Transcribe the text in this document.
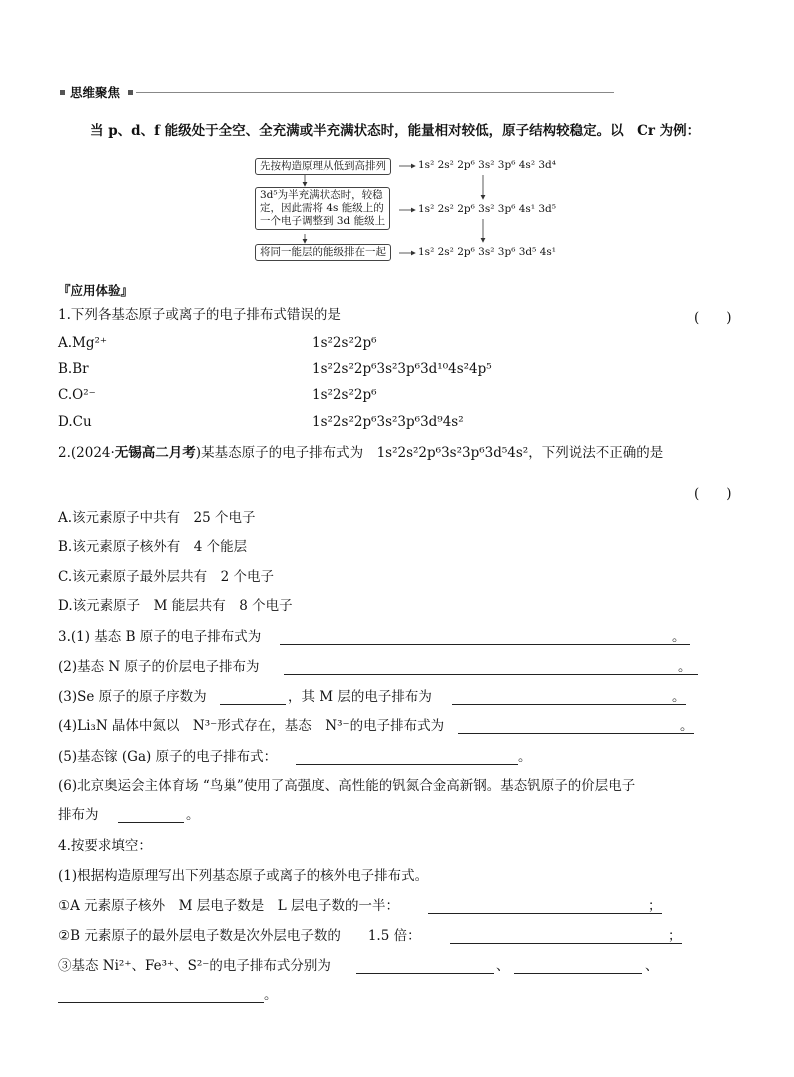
思维聚焦
当 p、d、f 能级处于全空、全充满或半充满状态时，能量相对较低，原子结构较稳定。以　Cr 为例：
先按构造原理从低到高排列
3d⁵为半充满状态时，较稳
定，因此需将 4s 能级上的
一个电子调整到 3d 能级上
将同一能层的能级排在一起
1s² 2s² 2p⁶ 3s² 3p⁶ 4s² 3d⁴
1s² 2s² 2p⁶ 3s² 3p⁶ 4s¹ 3d⁵
1s² 2s² 2p⁶ 3s² 3p⁶ 3d⁵ 4s¹
『应用体验』
1.下列各基态原子或离子的电子排布式错误的是	(　　)
A.Mg²⁺	1s²2s²2p⁶
B.Br	1s²2s²2p⁶3s²3p⁶3d¹⁰4s²4p⁵
C.O²⁻	1s²2s²2p⁶
D.Cu	1s²2s²2p⁶3s²3p⁶3d⁹4s²
2.(2024·无锡高二月考)某基态原子的电子排布式为　1s²2s²2p⁶3s²3p⁶3d⁵4s²，下列说法不正确的是
(　　)
A.该元素原子中共有　25 个电子
B.该元素原子核外有　4 个能层
C.该元素原子最外层共有　2 个电子
D.该元素原子　M 能层共有　8 个电子
3.(1) 基态 B 原子的电子排布式为	。
(2)基态 N 原子的价层电子排布为	。
(3)Se 原子的原子序数为	，其 M 层的电子排布为	。
(4)Li₃N 晶体中氮以　N³⁻形式存在，基态　N³⁻的电子排布式为	。
(5)基态镓 (Ga) 原子的电子排布式：	。
(6)北京奥运会主体育场 “鸟巢”使用了高强度、高性能的钒氮合金高新钢。基态钒原子的价层电子
排布为	。
4.按要求填空：
(1)根据构造原理写出下列基态原子或离子的核外电子排布式。
①A 元素原子核外　M 层电子数是　L 层电子数的一半：	；
②B 元素原子的最外层电子数是次外层电子数的　　1.5 倍：	；
③基态 Ni²⁺、Fe³⁺、S²⁻的电子排布式分别为	、	、
。
